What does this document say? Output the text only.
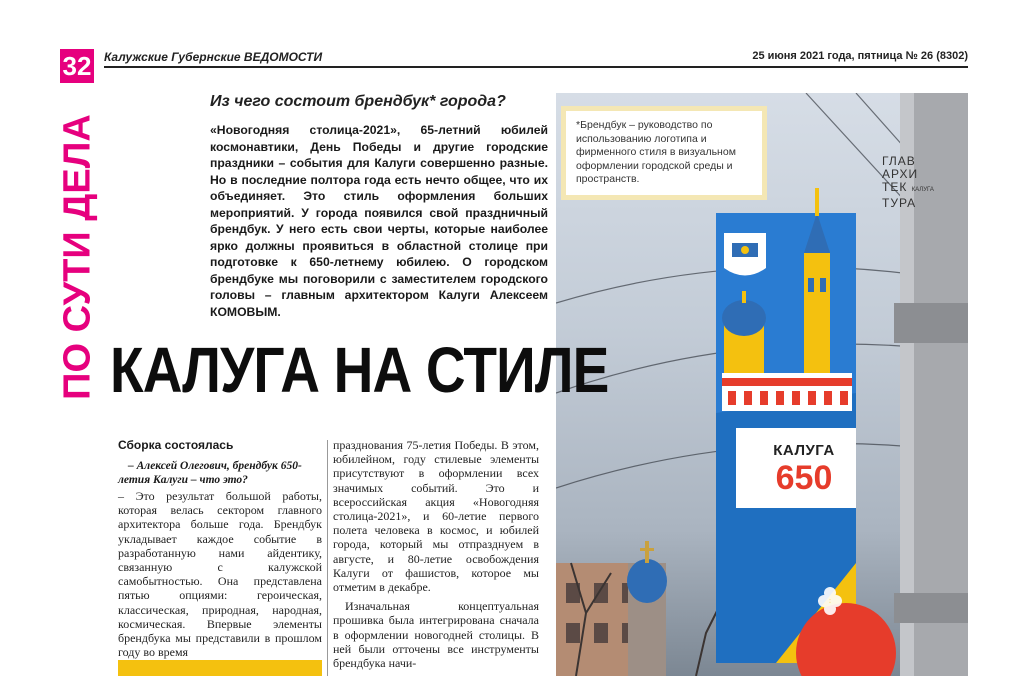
32 Калужские Губернские ВЕДОМОСТИ	25 июня 2021 года, пятница № 26 (8302)
ПО СУТИ ДЕЛА
Из чего состоит брендбук* города?

«Новогодняя столица-2021», 65-летний юбилей космонавтики, День Победы и другие городские праздники – события для Калуги совершенно разные. Но в последние полтора года есть нечто общее, что их объединяет. Это стиль оформления больших мероприятий. У города появился свой праздничный брендбук. У него есть свои черты, которые наиболее ярко должны проявиться в областной столице при подготовке к 650-летнему юбилею. О городском брендбуке мы поговорили с заместителем городского головы – главным архитектором Калуги Алексеем КОМОВЫМ.

*Брендбук – руководство по использованию логотипа и фирменного стиля в визуальном оформлении городской среды и пространств.
ГЛАВ
АРХИ
ТЕК КАЛУГА
ТУРА
КАЛУГА
650
КАЛУГА НА СТИЛЕ
Сборка состоялась

– Алексей Олегович, брендбук 650-летия Калуги – что это?

– Это результат большой работы, которая велась сектором главного архитектора больше года. Брендбук укладывает каждое событие в разработанную нами айдентику, связанную с калужской самобытностью. Она представлена пятью опциями: героическая, классическая, природная, народная, космическая. Впервые элементы брендбука мы представили в прошлом году во время

празднования 75-летия Победы. В этом, юбилейном, году стилевые элементы присутствуют в оформлении всех значимых событий. Это и всероссийская акция «Новогодняя столица-2021», и 60-летие первого полета человека в космос, и юбилей города, который мы отпразднуем в августе, и 80-летие освобождения Калуги от фашистов, которое мы отметим в декабре.

Изначальная концептуальная прошивка была интегрирована сначала в оформлении новогодней столицы. В ней были отточены все инструменты брендбука начи-
